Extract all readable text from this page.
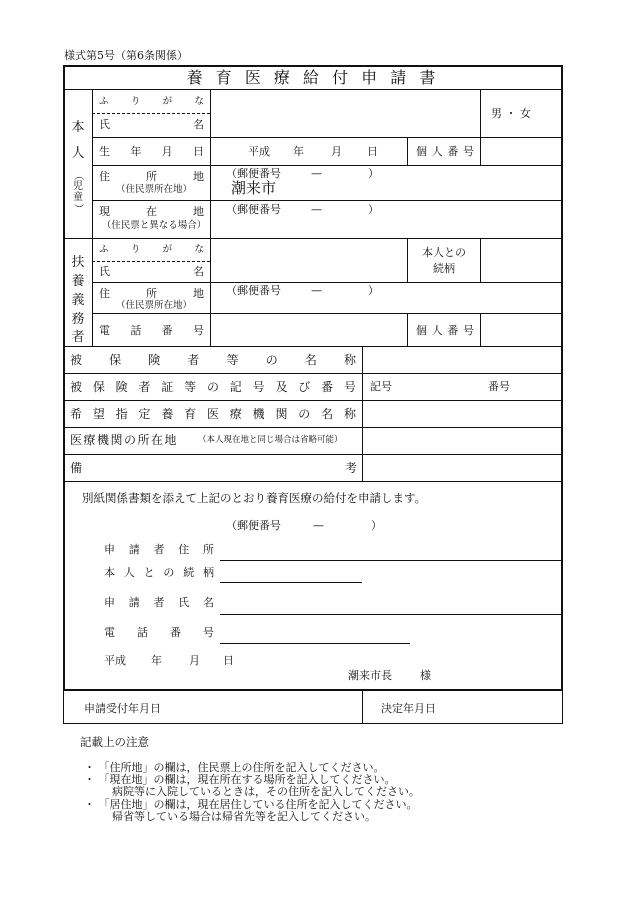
様式第5号（第6条関係）
養 育 医 療 給 付 申 請 書
本
人
（
児
童
）
ふ り が な
氏	名
男 ・ 女
生 年 月 日	平成 年 月 日	個 人 番 号
住	所	地
（住民票所在地）
（郵便番号	—	）
潮来市
現	在	地
（住民票と異なる場合）
（郵便番号	—	）
扶
養
義
務
者
ふ り が な
氏	名
本人との
続柄
住	所	地
（住民票所在地）
（郵便番号	—	）
電 話 番 号	個 人 番 号
被 保 険 者 等 の 名 称
被 保 険 者 証 等 の 記 号 及 び 番 号 記号	番号
希 望 指 定 養 育 医 療 機 関 の 名 称
医療機関の所在地 （本人現在地と同じ場合は省略可能）
備	考
別紙関係書類を添えて上記のとおり養育医療の給付を申請します。
（郵便番号	—	）
申 請 者 住 所
本 人 と の 続 柄
申 請 者 氏 名
電 話 番 号
平成 年 月 日
潮来市長	様
申請受付年月日	決定年月日
記載上の注意
・ 「住所地」の欄は，住民票上の住所を記入してください。
・ 「現在地」の欄は，現在所在する場所を記入してください。
病院等に入院しているときは，その住所を記入してください。
・ 「居住地」の欄は，現在居住している住所を記入してください。
帰省等している場合は帰省先等を記入してください。
